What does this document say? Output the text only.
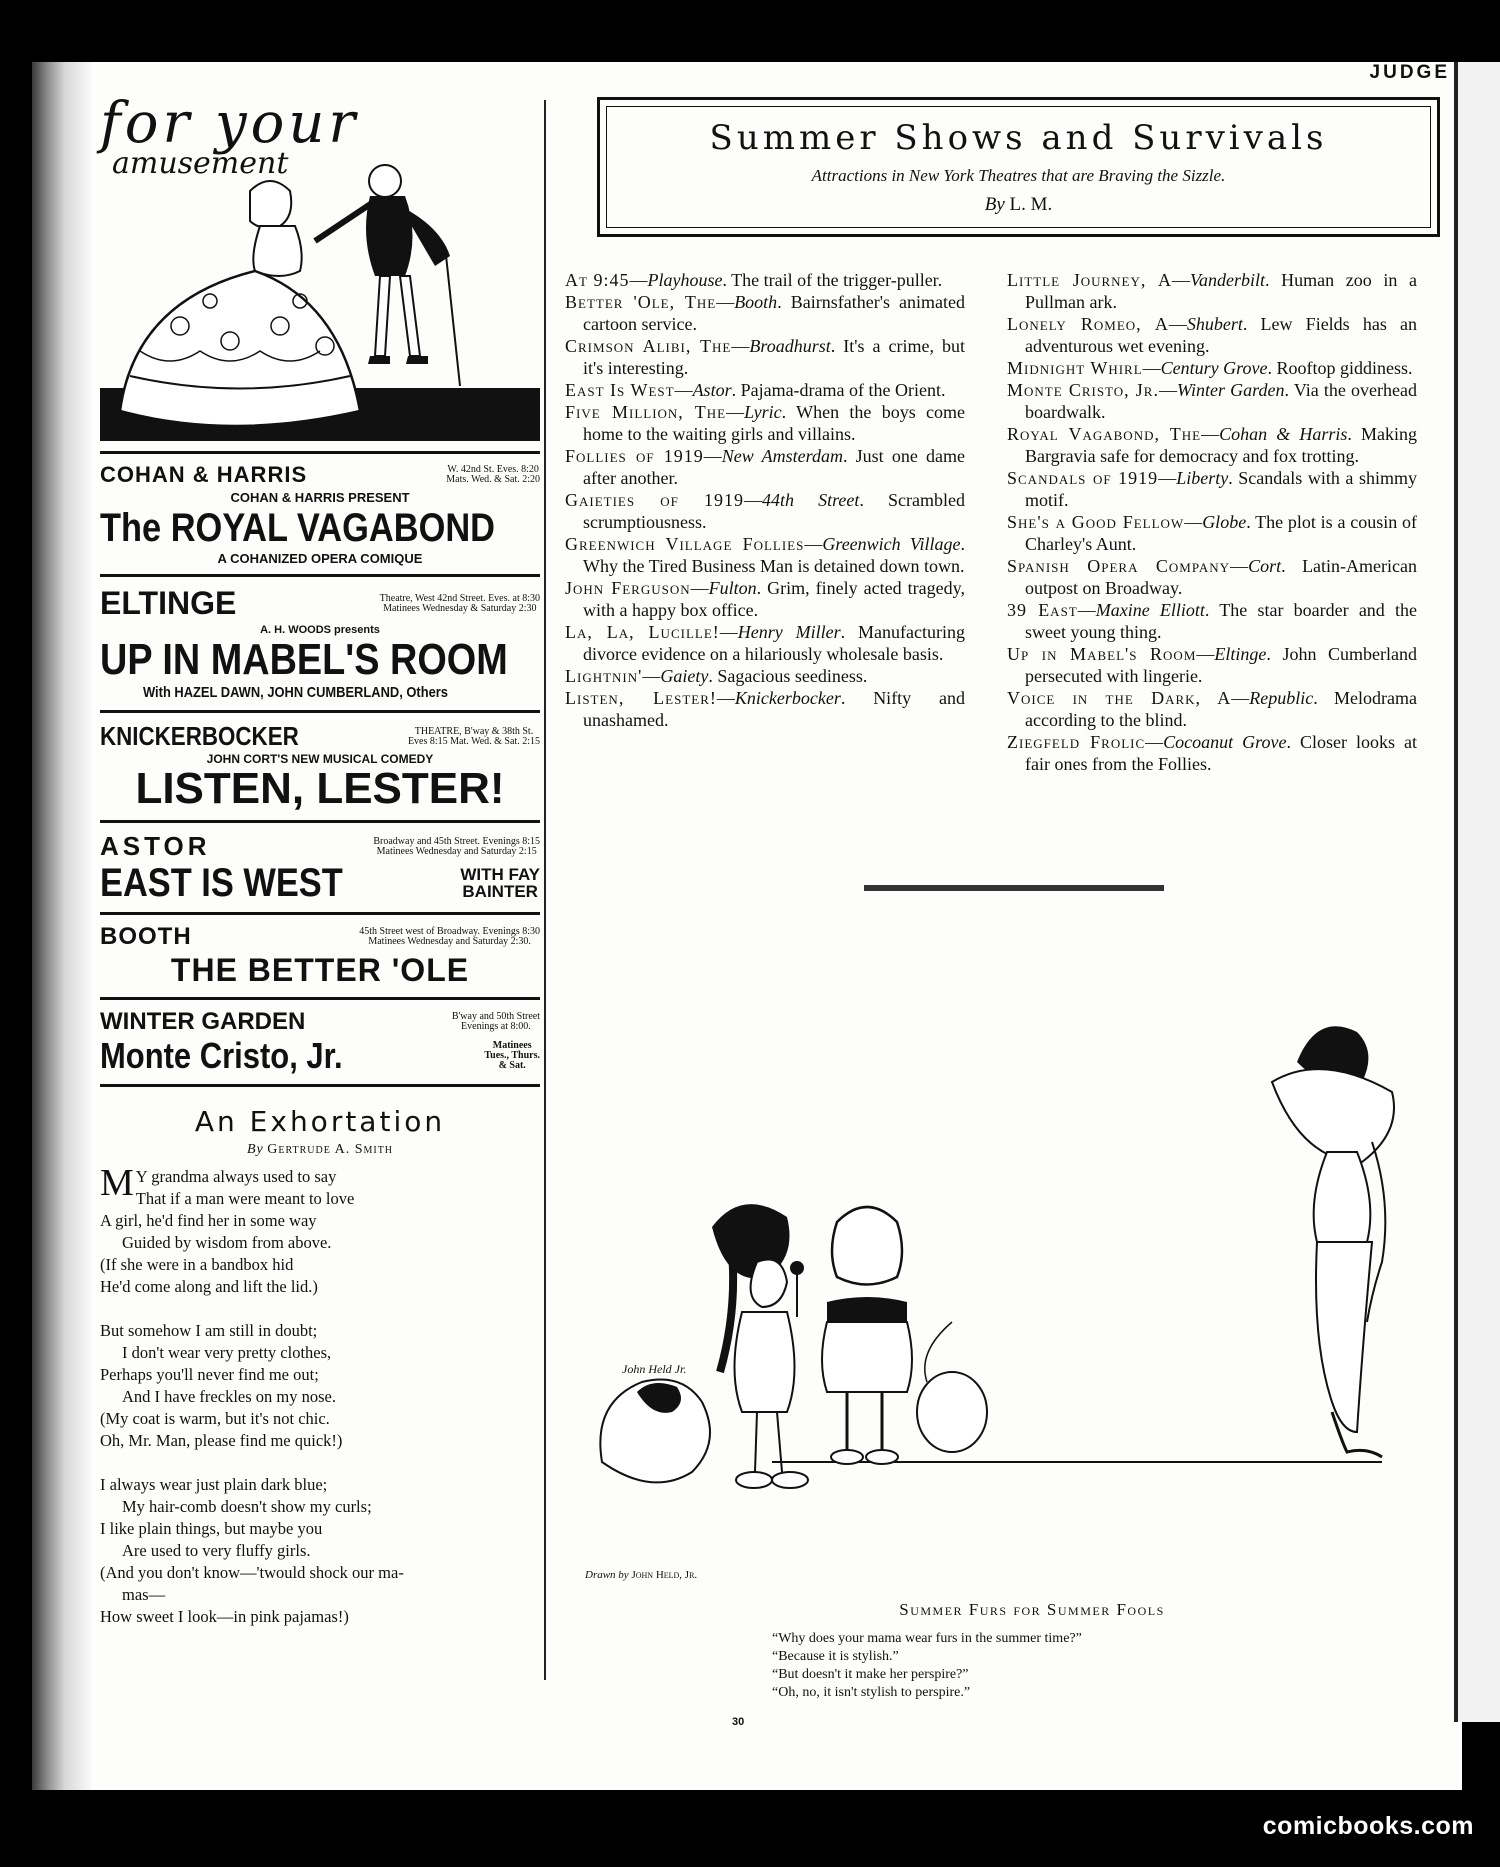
JUDGE
for your
amusement
COHAN & HARRIS	W. 42nd St. Eves. 8:20
Mats. Wed. & Sat. 2:20
COHAN & HARRIS PRESENT
The ROYAL VAGABOND
A COHANIZED OPERA COMIQUE
ELTINGE	Theatre, West 42nd Street. Eves. at 8:30
Matinees Wednesday & Saturday 2:30
A. H. WOODS presents
UP IN MABEL'S ROOM
With HAZEL DAWN, JOHN CUMBERLAND, Others
KNICKERBOCKER	THEATRE, B'way & 38th St.
Eves 8:15 Mat. Wed. & Sat. 2:15
JOHN CORT'S NEW MUSICAL COMEDY
LISTEN, LESTER!
ASTOR	Broadway and 45th Street. Evenings 8:15
Matinees Wednesday and Saturday 2:15
EAST IS WEST	WITH FAY
BAINTER
BOOTH	45th Street west of Broadway. Evenings 8:30
Matinees Wednesday and Saturday 2:30.
THE BETTER 'OLE
WINTER GARDEN	B'way and 50th Street
Evenings at 8:00.
Monte Cristo, Jr.	Matinees
Tues., Thurs.
& Sat.
An Exhortation
By Gertrude A. Smith
M Y grandma always used to say
That if a man were meant to love
A girl, he'd find her in some way
Guided by wisdom from above.
(If she were in a bandbox hid
He'd come along and lift the lid.)
But somehow I am still in doubt;
I don't wear very pretty clothes,
Perhaps you'll never find me out;
And I have freckles on my nose.
(My coat is warm, but it's not chic.
Oh, Mr. Man, please find me quick!)
I always wear just plain dark blue;
My hair-comb doesn't show my curls;
I like plain things, but maybe you
Are used to very fluffy girls.
(And you don't know—'twould shock our ma-
mas—
How sweet I look—in pink pajamas!)
Summer Shows and Survivals
Attractions in New York Theatres that are Braving the Sizzle.
By L. M.
At 9:45—Playhouse. The trail of the trigger-puller.
Better 'Ole, The—Booth. Bairnsfather's animated cartoon service.
Crimson Alibi, The—Broadhurst. It's a crime, but it's interesting.
East Is West—Astor. Pajama-drama of the Orient.
Five Million, The—Lyric. When the boys come home to the waiting girls and villains.
Follies of 1919—New Amsterdam. Just one dame after another.
Gaieties of 1919—44th Street. Scrambled scrumptiousness.
Greenwich Village Follies—Greenwich Village. Why the Tired Business Man is detained down town.
John Ferguson—Fulton. Grim, finely acted tragedy, with a happy box office.
La, La, Lucille!—Henry Miller. Manufacturing divorce evidence on a hilariously wholesale basis.
Lightnin'—Gaiety. Sagacious seediness.
Listen, Lester!—Knickerbocker. Nifty and unashamed.
Little Journey, A—Vanderbilt. Human zoo in a Pullman ark.
Lonely Romeo, A—Shubert. Lew Fields has an adventurous wet evening.
Midnight Whirl—Century Grove. Rooftop giddiness.
Monte Cristo, Jr.—Winter Garden. Via the overhead boardwalk.
Royal Vagabond, The—Cohan & Harris. Making Bargravia safe for democracy and fox trotting.
Scandals of 1919—Liberty. Scandals with a shimmy motif.
She's a Good Fellow—Globe. The plot is a cousin of Charley's Aunt.
Spanish Opera Company—Cort. Latin-American outpost on Broadway.
39 East—Maxine Elliott. The star boarder and the sweet young thing.
Up in Mabel's Room—Eltinge. John Cumberland persecuted with lingerie.
Voice in the Dark, A—Republic. Melodrama according to the blind.
Ziegfeld Frolic—Cocoanut Grove. Closer looks at fair ones from the Follies.
John Held Jr.
Drawn by John Held, Jr.
Summer Furs for Summer Fools
“Why does your mama wear furs in the summer time?”
“Because it is stylish.”
“But doesn't it make her perspire?”
“Oh, no, it isn't stylish to perspire.”
30
comicbooks.com
